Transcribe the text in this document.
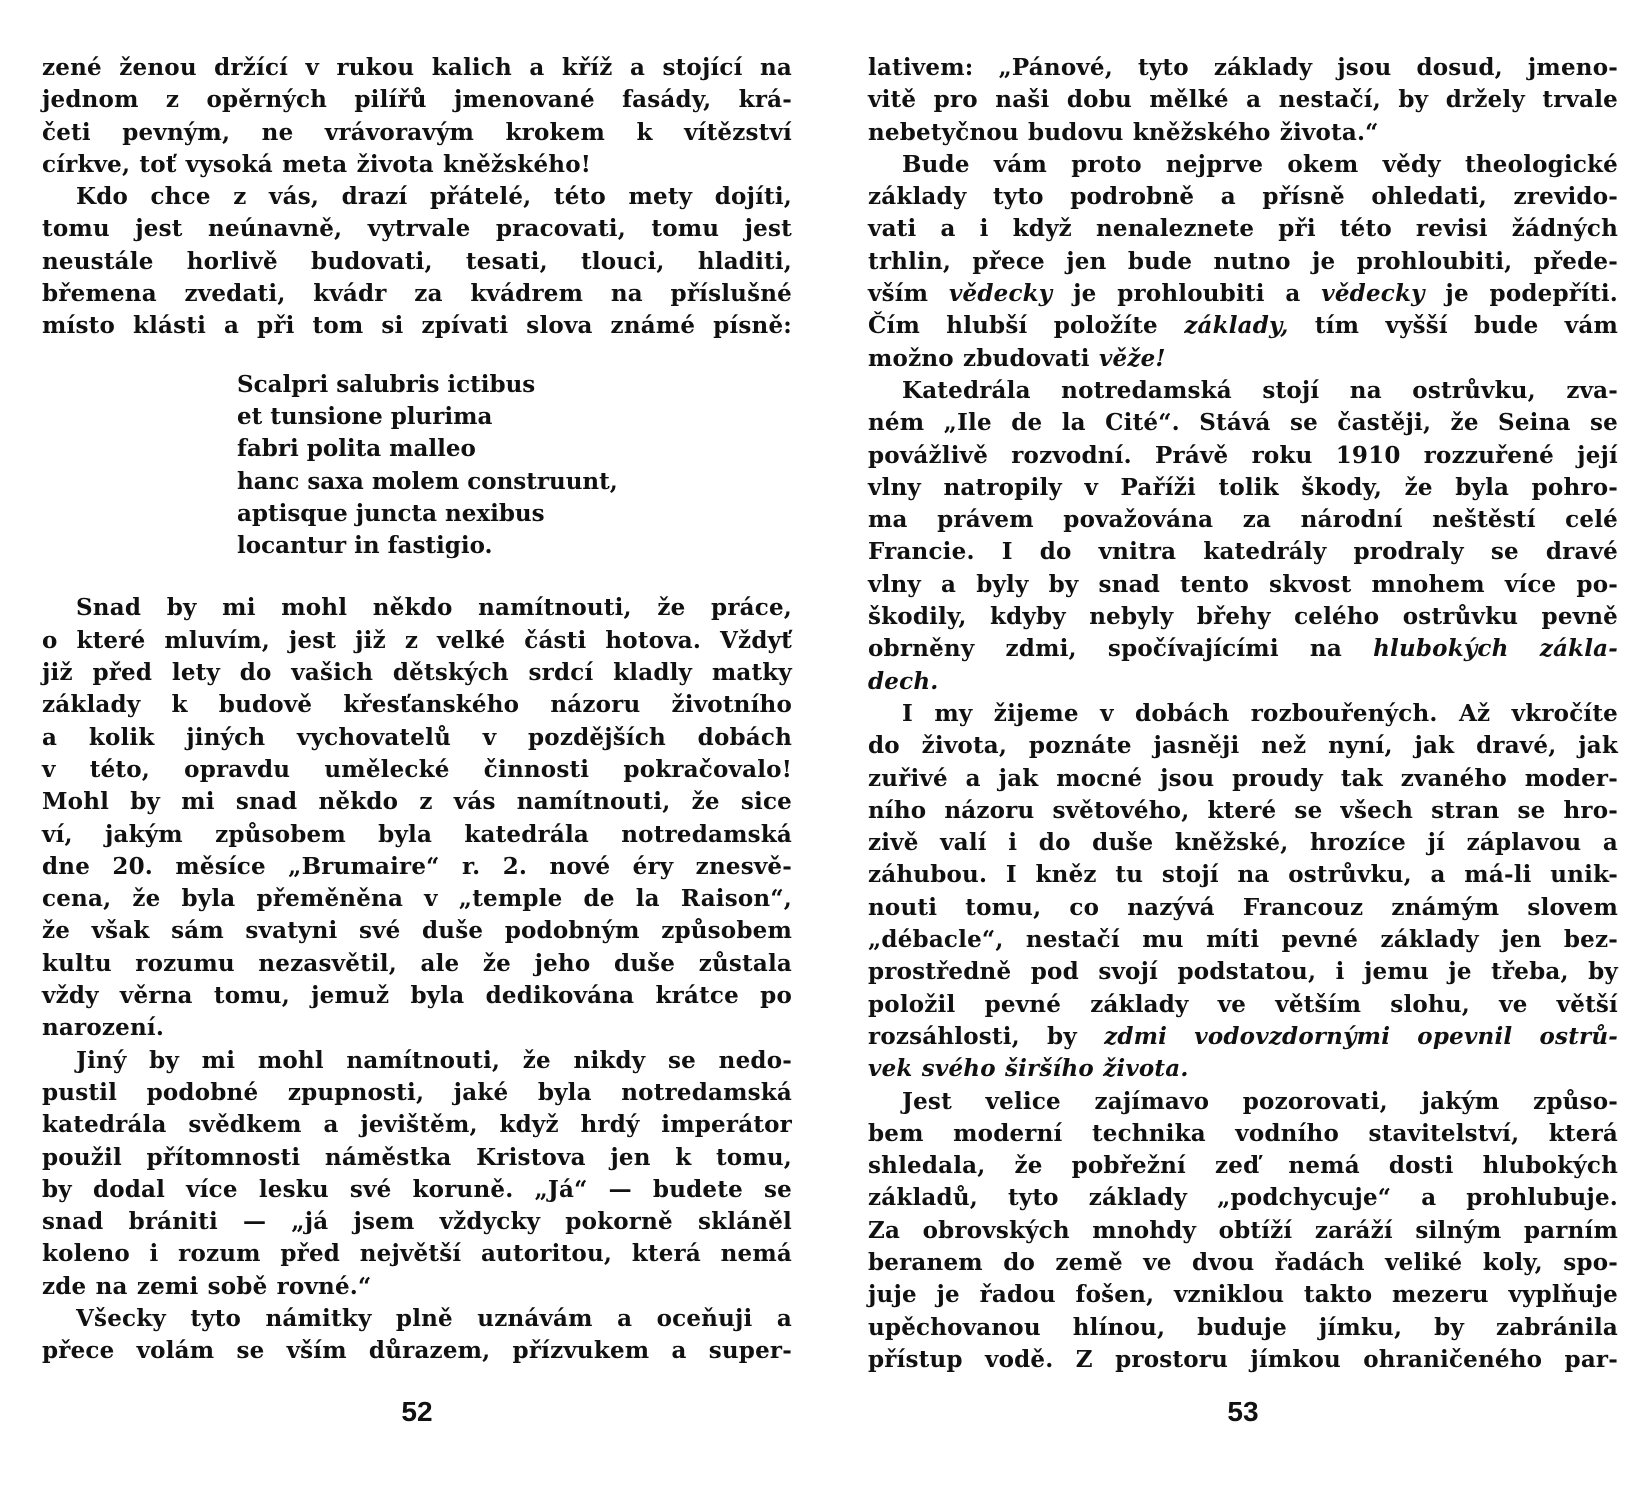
zené ženou držící v rukou kalich a kříž a stojící na
jednom z opěrných pilířů jmenované fasády, krá-
četi pevným, ne vrávoravým krokem k vítězství
církve, toť vysoká meta života kněžského!
Kdo chce z vás, drazí přátelé, této mety dojíti,
tomu jest neúnavně, vytrvale pracovati, tomu jest
neustále horlivě budovati, tesati, tlouci, hladiti,
břemena zvedati, kvádr za kvádrem na příslušné
místo klásti a při tom si zpívati slova známé písně:
Scalpri salubris ictibus
et tunsione plurima
fabri polita malleo
hanc saxa molem construunt,
aptisque juncta nexibus
locantur in fastigio.
Snad by mi mohl někdo namítnouti, že práce,
o které mluvím, jest již z velké části hotova. Vždyť
již před lety do vašich dětských srdcí kladly matky
základy k budově křesťanského názoru životního
a kolik jiných vychovatelů v pozdějších dobách
v této, opravdu umělecké činnosti pokračovalo!
Mohl by mi snad někdo z vás namítnouti, že sice
ví, jakým způsobem byla katedrála notredamská
dne 20. měsíce „Brumaire“ r. 2. nové éry znesvě-
cena, že byla přeměněna v „temple de la Raison“,
že však sám svatyni své duše podobným způsobem
kultu rozumu nezasvětil, ale že jeho duše zůstala
vždy věrna tomu, jemuž byla dedikována krátce po
narození.
Jiný by mi mohl namítnouti, že nikdy se nedo-
pustil podobné zpupnosti, jaké byla notredamská
katedrála svědkem a jevištěm, když hrdý imperátor
použil přítomnosti náměstka Kristova jen k tomu,
by dodal více lesku své koruně. „Já“ — budete se
snad brániti — „já jsem vždycky pokorně skláněl
koleno i rozum před největší autoritou, která nemá
zde na zemi sobě rovné.“
Všecky tyto námitky plně uznávám a oceňuji a
přece volám se vším důrazem, přízvukem a super-
52
lativem: „Pánové, tyto základy jsou dosud, jmeno-
vitě pro naši dobu mělké a nestačí, by držely trvale
nebetyčnou budovu kněžského života.“
Bude vám proto nejprve okem vědy theologické
základy tyto podrobně a přísně ohledati, zrevido-
vati a i když nenaleznete při této revisi žádných
trhlin, přece jen bude nutno je prohloubiti, přede-
vším vědecky je prohloubiti a vědecky je podepříti.
Čím hlubší položíte základy, tím vyšší bude vám
možno zbudovati věže!
Katedrála notredamská stojí na ostrůvku, zva-
ném „Ile de la Cité“. Stává se častěji, že Seina se
povážlivě rozvodní. Právě roku 1910 rozzuřené její
vlny natropily v Paříži tolik škody, že byla pohro-
ma právem považována za národní neštěstí celé
Francie. I do vnitra katedrály prodraly se dravé
vlny a byly by snad tento skvost mnohem více po-
škodily, kdyby nebyly břehy celého ostrůvku pevně
obrněny zdmi, spočívajícími na hlubokých zákla-
dech.
I my žijeme v dobách rozbouřených. Až vkročíte
do života, poznáte jasněji než nyní, jak dravé, jak
zuřivé a jak mocné jsou proudy tak zvaného moder-
ního názoru světového, které se všech stran se hro-
zivě valí i do duše kněžské, hrozíce jí záplavou a
záhubou. I kněz tu stojí na ostrůvku, a má-li unik-
nouti tomu, co nazývá Francouz známým slovem
„débacle“, nestačí mu míti pevné základy jen bez-
prostředně pod svojí podstatou, i jemu je třeba, by
položil pevné základy ve větším slohu, ve větší
rozsáhlosti, by zdmi vodovzdornými opevnil ostrů-
vek svého širšího života.
Jest velice zajímavo pozorovati, jakým způso-
bem moderní technika vodního stavitelství, která
shledala, že pobřežní zeď nemá dosti hlubokých
základů, tyto základy „podchycuje“ a prohlubuje.
Za obrovských mnohdy obtíží zaráží silným parním
beranem do země ve dvou řadách veliké koly, spo-
juje je řadou fošen, vzniklou takto mezeru vyplňuje
upěchovanou hlínou, buduje jímku, by zabránila
přístup vodě. Z prostoru jímkou ohraničeného par-
53
